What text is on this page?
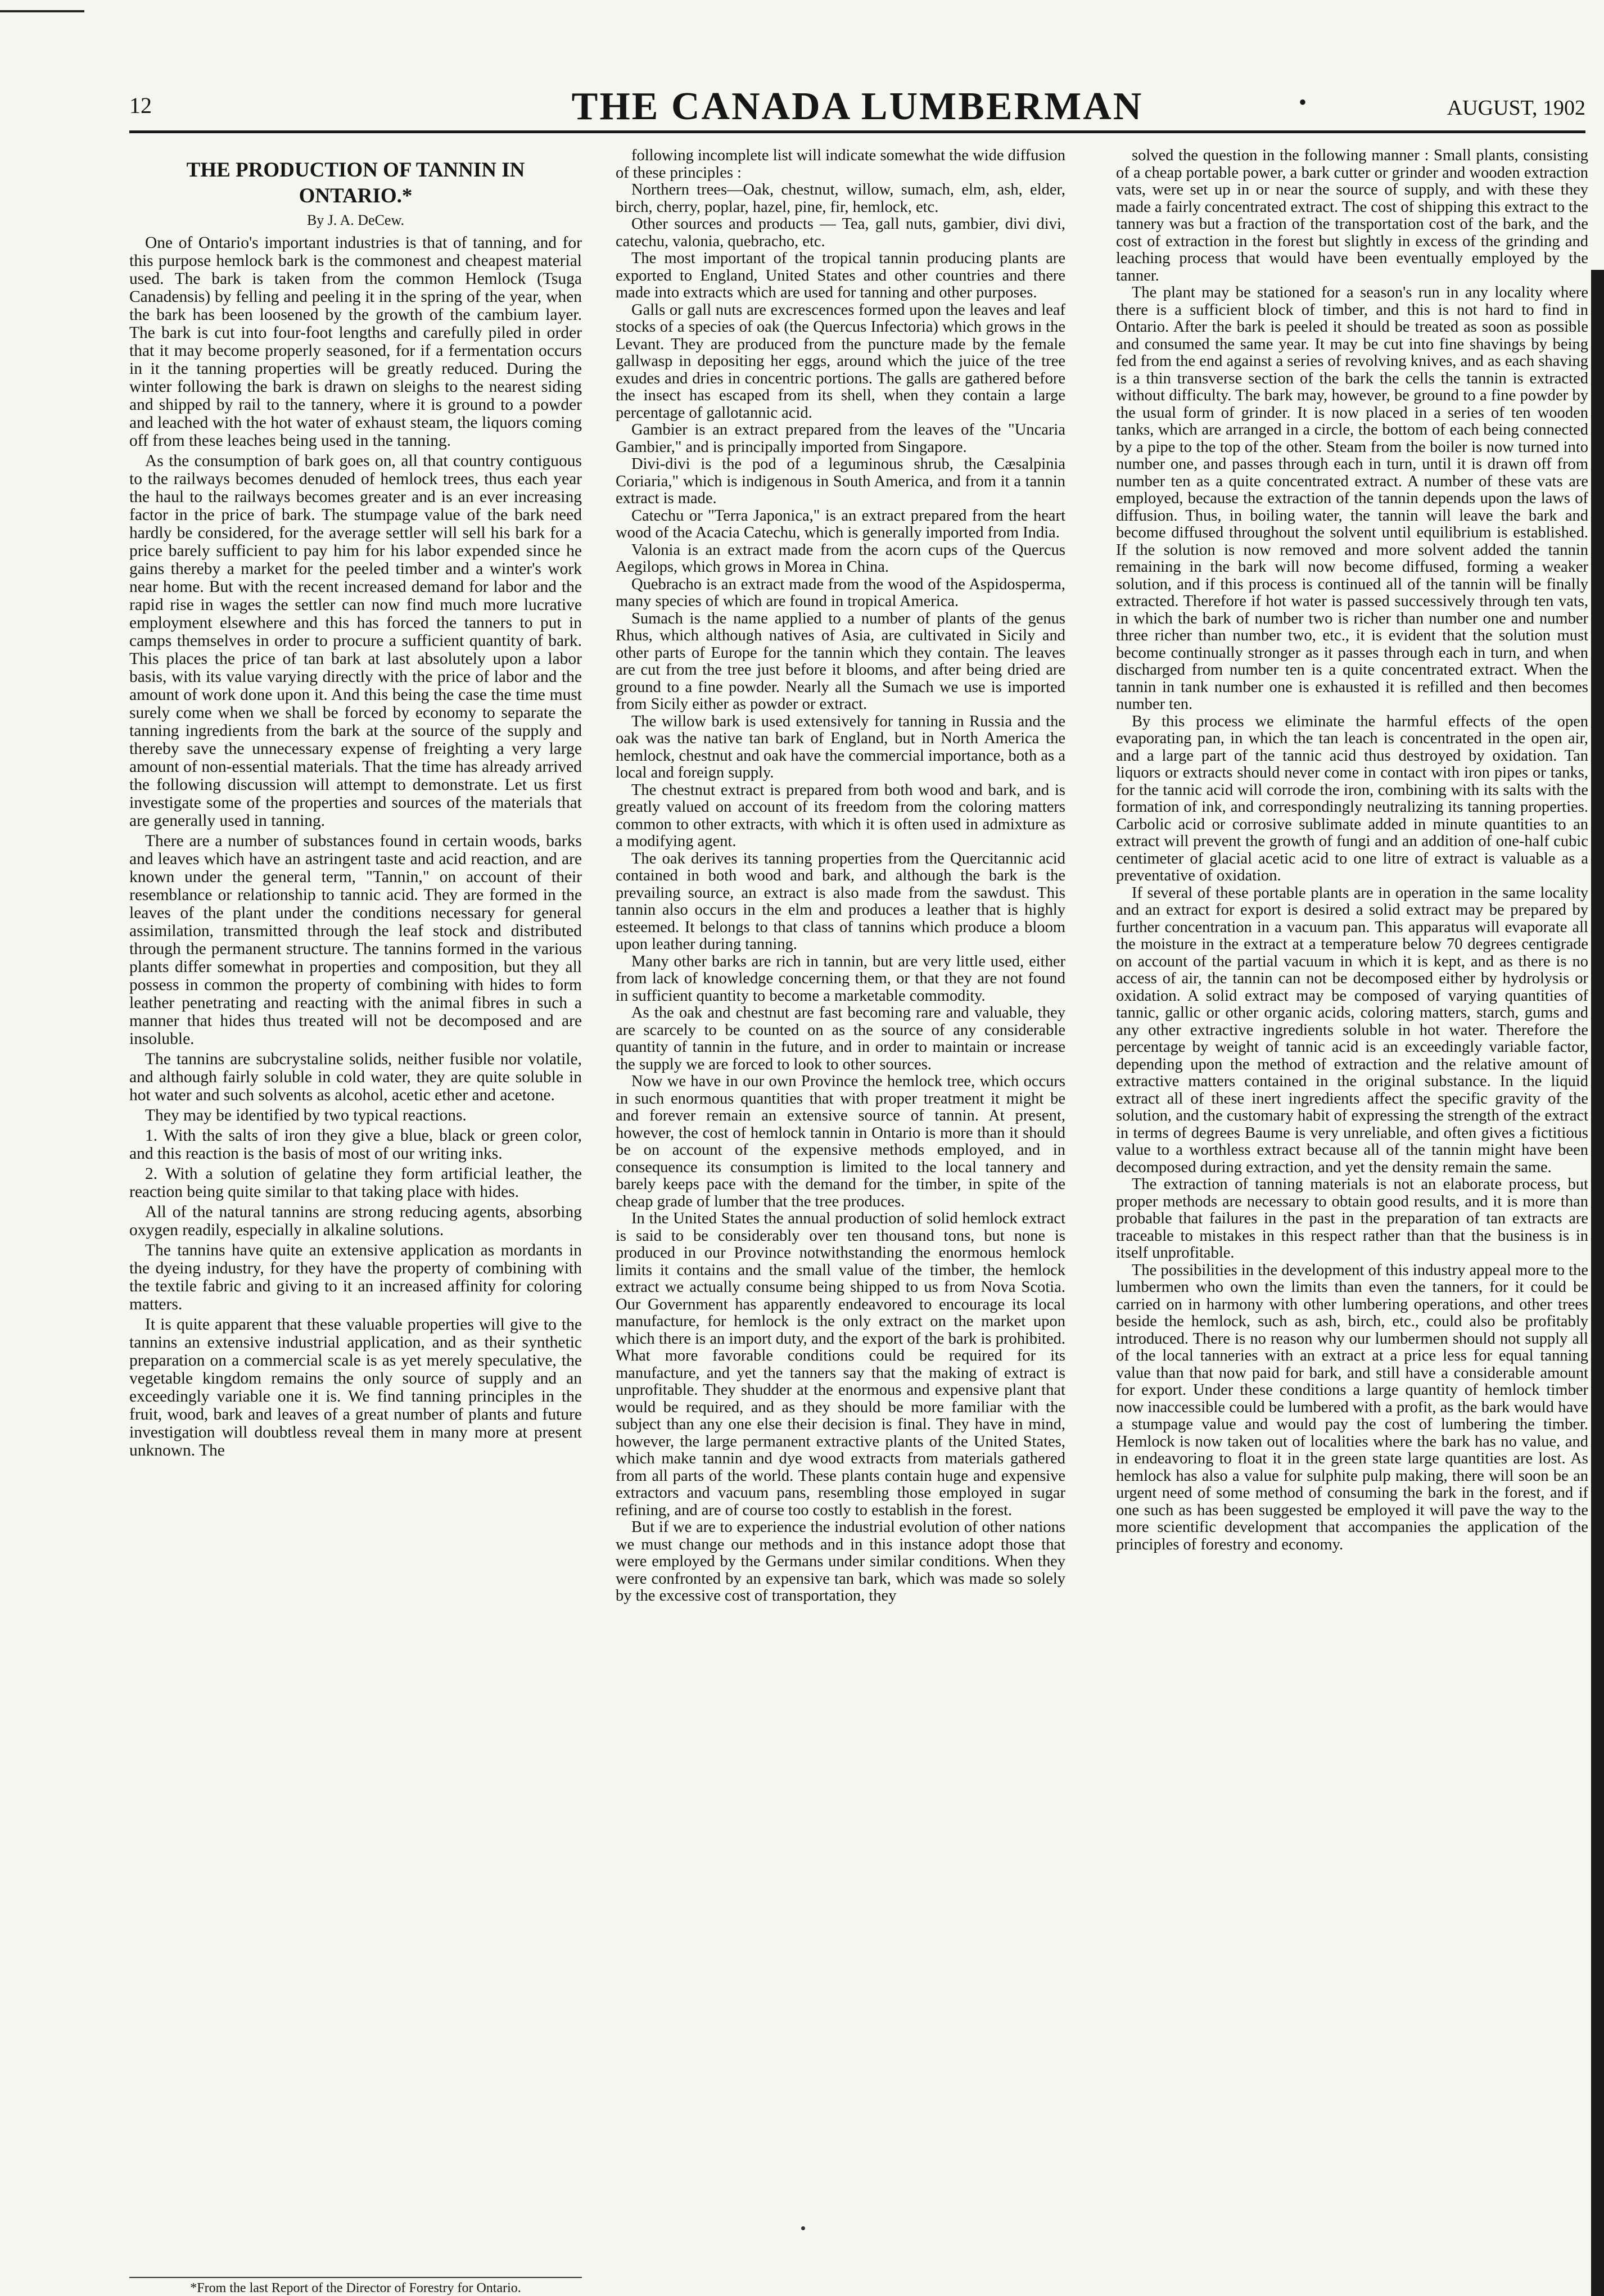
12	THE CANADA LUMBERMAN	•	AUGUST, 1902
THE PRODUCTION OF TANNIN IN ONTARIO.*
By J. A. DeCew.

One of Ontario's important industries is that of tanning, and for this purpose hemlock bark is the commonest and cheapest material used. The bark is taken from the common Hemlock (Tsuga Canadensis) by felling and peeling it in the spring of the year, when the bark has been loosened by the growth of the cambium layer. The bark is cut into four-foot lengths and carefully piled in order that it may become properly seasoned, for if a fermentation occurs in it the tanning properties will be greatly reduced. During the winter following the bark is drawn on sleighs to the nearest siding and shipped by rail to the tannery, where it is ground to a powder and leached with the hot water of exhaust steam, the liquors coming off from these leaches being used in the tanning.

As the consumption of bark goes on, all that country contiguous to the railways becomes denuded of hemlock trees, thus each year the haul to the railways becomes greater and is an ever increasing factor in the price of bark. The stumpage value of the bark need hardly be considered, for the average settler will sell his bark for a price barely sufficient to pay him for his labor expended since he gains thereby a market for the peeled timber and a winter's work near home. But with the recent increased demand for labor and the rapid rise in wages the settler can now find much more lucrative employment elsewhere and this has forced the tanners to put in camps themselves in order to procure a sufficient quantity of bark. This places the price of tan bark at last absolutely upon a labor basis, with its value varying directly with the price of labor and the amount of work done upon it. And this being the case the time must surely come when we shall be forced by economy to separate the tanning ingredients from the bark at the source of the supply and thereby save the unnecessary expense of freighting a very large amount of non-essential materials. That the time has already arrived the following discussion will attempt to demonstrate. Let us first investigate some of the properties and sources of the materials that are generally used in tanning.

There are a number of substances found in certain woods, barks and leaves which have an astringent taste and acid reaction, and are known under the general term, "Tannin," on account of their resemblance or relationship to tannic acid. They are formed in the leaves of the plant under the conditions necessary for general assimilation, transmitted through the leaf stock and distributed through the permanent structure. The tannins formed in the various plants differ somewhat in properties and composition, but they all possess in common the property of combining with hides to form leather penetrating and reacting with the animal fibres in such a manner that hides thus treated will not be decomposed and are insoluble.

The tannins are subcrystaline solids, neither fusible nor volatile, and although fairly soluble in cold water, they are quite soluble in hot water and such solvents as alcohol, acetic ether and acetone.

They may be identified by two typical reactions.

1. With the salts of iron they give a blue, black or green color, and this reaction is the basis of most of our writing inks.

2. With a solution of gelatine they form artificial leather, the reaction being quite similar to that taking place with hides.

All of the natural tannins are strong reducing agents, absorbing oxygen readily, especially in alkaline solutions.

The tannins have quite an extensive application as mordants in the dyeing industry, for they have the property of combining with the textile fabric and giving to it an increased affinity for coloring matters.

It is quite apparent that these valuable properties will give to the tannins an extensive industrial application, and as their synthetic preparation on a commercial scale is as yet merely speculative, the vegetable kingdom remains the only source of supply and an exceedingly variable one it is. We find tanning principles in the fruit, wood, bark and leaves of a great number of plants and future investigation will doubtless reveal them in many more at present unknown. The

following incomplete list will indicate somewhat the wide diffusion of these principles :

Northern trees—Oak, chestnut, willow, sumach, elm, ash, elder, birch, cherry, poplar, hazel, pine, fir, hemlock, etc.

Other sources and products — Tea, gall nuts, gambier, divi divi, catechu, valonia, quebracho, etc.

The most important of the tropical tannin producing plants are exported to England, United States and other countries and there made into extracts which are used for tanning and other purposes.

Galls or gall nuts are excrescences formed upon the leaves and leaf stocks of a species of oak (the Quercus Infectoria) which grows in the Levant. They are produced from the puncture made by the female gallwasp in depositing her eggs, around which the juice of the tree exudes and dries in concentric portions. The galls are gathered before the insect has escaped from its shell, when they contain a large percentage of gallotannic acid.

Gambier is an extract prepared from the leaves of the "Uncaria Gambier," and is principally imported from Singapore.

Divi-divi is the pod of a leguminous shrub, the Cæsalpinia Coriaria," which is indigenous in South America, and from it a tannin extract is made.

Catechu or "Terra Japonica," is an extract prepared from the heart wood of the Acacia Catechu, which is generally imported from India.

Valonia is an extract made from the acorn cups of the Quercus Aegilops, which grows in Morea in China.

Quebracho is an extract made from the wood of the Aspidosperma, many species of which are found in tropical America.

Sumach is the name applied to a number of plants of the genus Rhus, which although natives of Asia, are cultivated in Sicily and other parts of Europe for the tannin which they contain. The leaves are cut from the tree just before it blooms, and after being dried are ground to a fine powder. Nearly all the Sumach we use is imported from Sicily either as powder or extract.

The willow bark is used extensively for tanning in Russia and the oak was the native tan bark of England, but in North America the hemlock, chestnut and oak have the commercial importance, both as a local and foreign supply.

The chestnut extract is prepared from both wood and bark, and is greatly valued on account of its freedom from the coloring matters common to other extracts, with which it is often used in admixture as a modifying agent.

The oak derives its tanning properties from the Quercitannic acid contained in both wood and bark, and although the bark is the prevailing source, an extract is also made from the sawdust. This tannin also occurs in the elm and produces a leather that is highly esteemed. It belongs to that class of tannins which produce a bloom upon leather during tanning.

Many other barks are rich in tannin, but are very little used, either from lack of knowledge concerning them, or that they are not found in sufficient quantity to become a marketable commodity.

As the oak and chestnut are fast becoming rare and valuable, they are scarcely to be counted on as the source of any considerable quantity of tannin in the future, and in order to maintain or increase the supply we are forced to look to other sources.

Now we have in our own Province the hemlock tree, which occurs in such enormous quantities that with proper treatment it might be and forever remain an extensive source of tannin. At present, however, the cost of hemlock tannin in Ontario is more than it should be on account of the expensive methods employed, and in consequence its consumption is limited to the local tannery and barely keeps pace with the demand for the timber, in spite of the cheap grade of lumber that the tree produces.

In the United States the annual production of solid hemlock extract is said to be considerably over ten thousand tons, but none is produced in our Province notwithstanding the enormous hemlock limits it contains and the small value of the timber, the hemlock extract we actually consume being shipped to us from Nova Scotia. Our Government has apparently endeavored to encourage its local manufacture, for hemlock is the only extract on the market upon which there is an import duty, and the export of the bark is prohibited. What more favorable conditions could be required for its manufacture, and yet the tanners say that the making of extract is unprofitable. They shudder at the enormous and expensive plant that would be required, and as they should be more familiar with the subject than any one else their decision is final. They have in mind, however, the large permanent extractive plants of the United States, which make tannin and dye wood extracts from materials gathered from all parts of the world. These plants contain huge and expensive extractors and vacuum pans, resembling those employed in sugar refining, and are of course too costly to establish in the forest.

But if we are to experience the industrial evolution of other nations we must change our methods and in this instance adopt those that were employed by the Germans under similar conditions. When they were confronted by an expensive tan bark, which was made so solely by the excessive cost of transportation, they

solved the question in the following manner : Small plants, consisting of a cheap portable power, a bark cutter or grinder and wooden extraction vats, were set up in or near the source of supply, and with these they made a fairly concentrated extract. The cost of shipping this extract to the tannery was but a fraction of the transportation cost of the bark, and the cost of extraction in the forest but slightly in excess of the grinding and leaching process that would have been eventually employed by the tanner.

The plant may be stationed for a season's run in any locality where there is a sufficient block of timber, and this is not hard to find in Ontario. After the bark is peeled it should be treated as soon as possible and consumed the same year. It may be cut into fine shavings by being fed from the end against a series of revolving knives, and as each shaving is a thin transverse section of the bark the cells the tannin is extracted without difficulty. The bark may, however, be ground to a fine powder by the usual form of grinder. It is now placed in a series of ten wooden tanks, which are arranged in a circle, the bottom of each being connected by a pipe to the top of the other. Steam from the boiler is now turned into number one, and passes through each in turn, until it is drawn off from number ten as a quite concentrated extract. A number of these vats are employed, because the extraction of the tannin depends upon the laws of diffusion. Thus, in boiling water, the tannin will leave the bark and become diffused throughout the solvent until equilibrium is established. If the solution is now removed and more solvent added the tannin remaining in the bark will now become diffused, forming a weaker solution, and if this process is continued all of the tannin will be finally extracted. Therefore if hot water is passed successively through ten vats, in which the bark of number two is richer than number one and number three richer than number two, etc., it is evident that the solution must become continually stronger as it passes through each in turn, and when discharged from number ten is a quite concentrated extract. When the tannin in tank number one is exhausted it is refilled and then becomes number ten.

By this process we eliminate the harmful effects of the open evaporating pan, in which the tan leach is concentrated in the open air, and a large part of the tannic acid thus destroyed by oxidation. Tan liquors or extracts should never come in contact with iron pipes or tanks, for the tannic acid will corrode the iron, combining with its salts with the formation of ink, and correspondingly neutralizing its tanning properties. Carbolic acid or corrosive sublimate added in minute quantities to an extract will prevent the growth of fungi and an addition of one-half cubic centimeter of glacial acetic acid to one litre of extract is valuable as a preventative of oxidation.

If several of these portable plants are in operation in the same locality and an extract for export is desired a solid extract may be prepared by further concentration in a vacuum pan. This apparatus will evaporate all the moisture in the extract at a temperature below 70 degrees centigrade on account of the partial vacuum in which it is kept, and as there is no access of air, the tannin can not be decomposed either by hydrolysis or oxidation. A solid extract may be composed of varying quantities of tannic, gallic or other organic acids, coloring matters, starch, gums and any other extractive ingredients soluble in hot water. Therefore the percentage by weight of tannic acid is an exceedingly variable factor, depending upon the method of extraction and the relative amount of extractive matters contained in the original substance. In the liquid extract all of these inert ingredients affect the specific gravity of the solution, and the customary habit of expressing the strength of the extract in terms of degrees Baume is very unreliable, and often gives a fictitious value to a worthless extract because all of the tannin might have been decomposed during extraction, and yet the density remain the same.

The extraction of tanning materials is not an elaborate process, but proper methods are necessary to obtain good results, and it is more than probable that failures in the past in the preparation of tan extracts are traceable to mistakes in this respect rather than that the business is in itself unprofitable.

The possibilities in the development of this industry appeal more to the lumbermen who own the limits than even the tanners, for it could be carried on in harmony with other lumbering operations, and other trees beside the hemlock, such as ash, birch, etc., could also be profitably introduced. There is no reason why our lumbermen should not supply all of the local tanneries with an extract at a price less for equal tanning value than that now paid for bark, and still have a considerable amount for export. Under these conditions a large quantity of hemlock timber now inaccessible could be lumbered with a profit, as the bark would have a stumpage value and would pay the cost of lumbering the timber. Hemlock is now taken out of localities where the bark has no value, and in endeavoring to float it in the green state large quantities are lost. As hemlock has also a value for sulphite pulp making, there will soon be an urgent need of some method of consuming the bark in the forest, and if one such as has been suggested be employed it will pave the way to the more scientific development that accompanies the application of the principles of forestry and economy.

*From the last Report of the Director of Forestry for Ontario.
